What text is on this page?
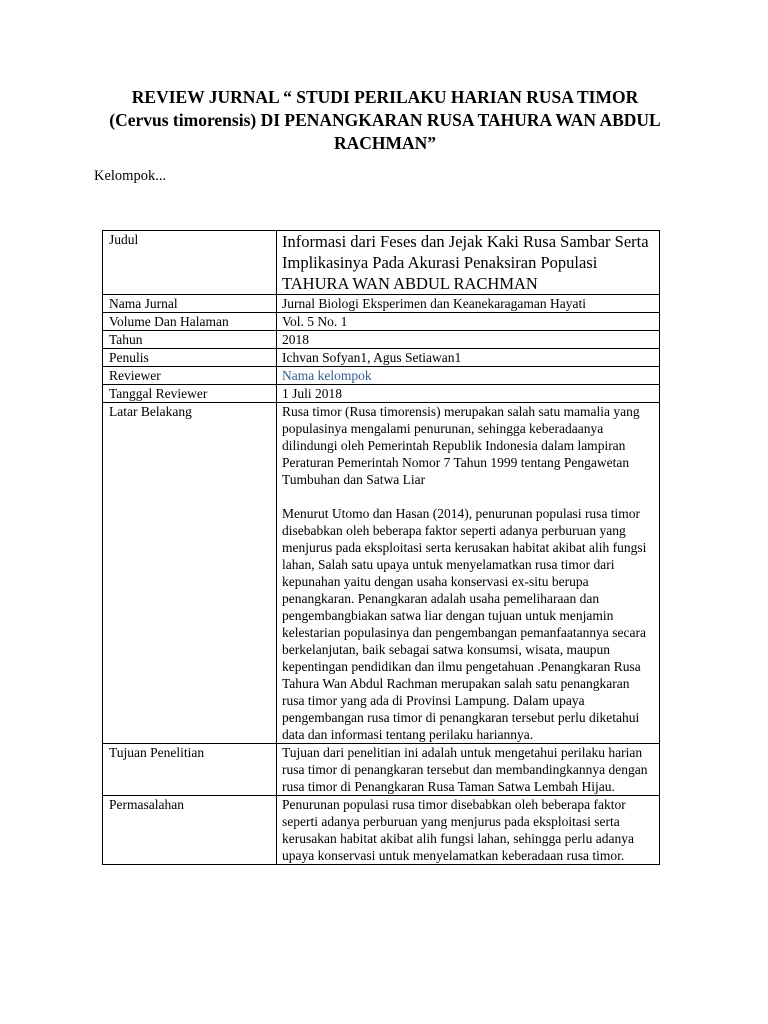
REVIEW JURNAL “ STUDI PERILAKU HARIAN RUSA TIMOR
(Cervus timorensis) DI PENANGKARAN RUSA TAHURA WAN ABDUL
RACHMAN”
Kelompok...
Judul	Informasi dari Feses dan Jejak Kaki Rusa Sambar Serta Implikasinya Pada Akurasi Penaksiran Populasi TAHURA WAN ABDUL RACHMAN
Nama Jurnal	Jurnal Biologi Eksperimen dan Keanekaragaman Hayati
Volume Dan Halaman	Vol. 5 No. 1
Tahun	2018
Penulis	Ichvan Sofyan1, Agus Setiawan1
Reviewer	Nama kelompok
Tanggal Reviewer	1 Juli 2018
Latar Belakang	Rusa timor (Rusa timorensis) merupakan salah satu mamalia yang populasinya mengalami penurunan, sehingga keberadaanya dilindungi oleh Pemerintah Republik Indonesia dalam lampiran Peraturan Pemerintah Nomor 7 Tahun 1999 tentang Pengawetan Tumbuhan dan Satwa Liar
Menurut Utomo dan Hasan (2014), penurunan populasi rusa timor disebabkan oleh beberapa faktor seperti adanya perburuan yang menjurus pada eksploitasi serta kerusakan habitat akibat alih fungsi lahan, Salah satu upaya untuk menyelamatkan rusa timor dari kepunahan yaitu dengan usaha konservasi ex-situ berupa penangkaran. Penangkaran adalah usaha pemeliharaan dan pengembangbiakan satwa liar dengan tujuan untuk menjamin kelestarian populasinya dan pengembangan pemanfaatannya secara berkelanjutan, baik sebagai satwa konsumsi, wisata, maupun kepentingan pendidikan dan ilmu pengetahuan .Penangkaran Rusa Tahura Wan Abdul Rachman merupakan salah satu penangkaran rusa timor yang ada di Provinsi Lampung. Dalam upaya pengembangan rusa timor di penangkaran tersebut perlu diketahui data dan informasi tentang perilaku hariannya.

Tujuan Penelitian	Tujuan dari penelitian ini adalah untuk mengetahui perilaku harian rusa timor di penangkaran tersebut dan membandingkannya dengan rusa timor di Penangkaran Rusa Taman Satwa Lembah Hijau.
Permasalahan	Penurunan populasi rusa timor disebabkan oleh beberapa faktor seperti adanya perburuan yang menjurus pada eksploitasi serta kerusakan habitat akibat alih fungsi lahan, sehingga perlu adanya upaya konservasi untuk menyelamatkan keberadaan rusa timor.
